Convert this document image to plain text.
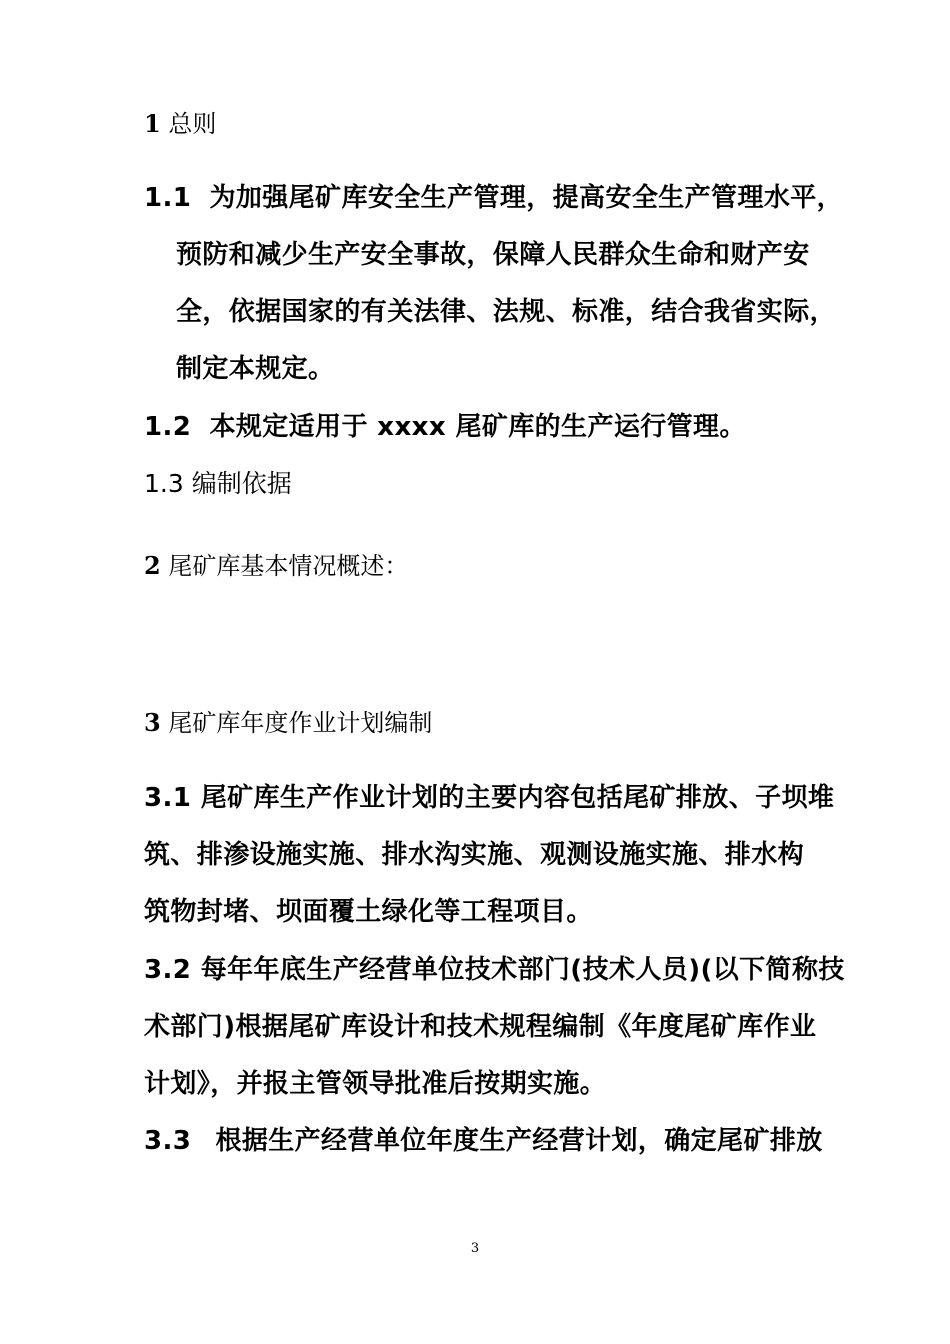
1 总则
1.1 为加强尾矿库安全生产管理，提高安全生产管理水平，
预防和减少生产安全事故，保障人民群众生命和财产安
全，依据国家的有关法律、法规、标准，结合我省实际，
制定本规定。
1.2 本规定适用于 xxxx 尾矿库的生产运行管理。
1.3 编制依据
2 尾矿库基本情况概述：
3 尾矿库年度作业计划编制
3.1 尾矿库生产作业计划的主要内容包括尾矿排放、子坝堆
筑、排渗设施实施、排水沟实施、观测设施实施、排水构
筑物封堵、坝面覆土绿化等工程项目。
3.2 每年年底生产经营单位技术部门(技术人员)(以下简称技
术部门)根据尾矿库设计和技术规程编制《年度尾矿库作业
计划》，并报主管领导批准后按期实施。
3.3 根据生产经营单位年度生产经营计划，确定尾矿排放
3
